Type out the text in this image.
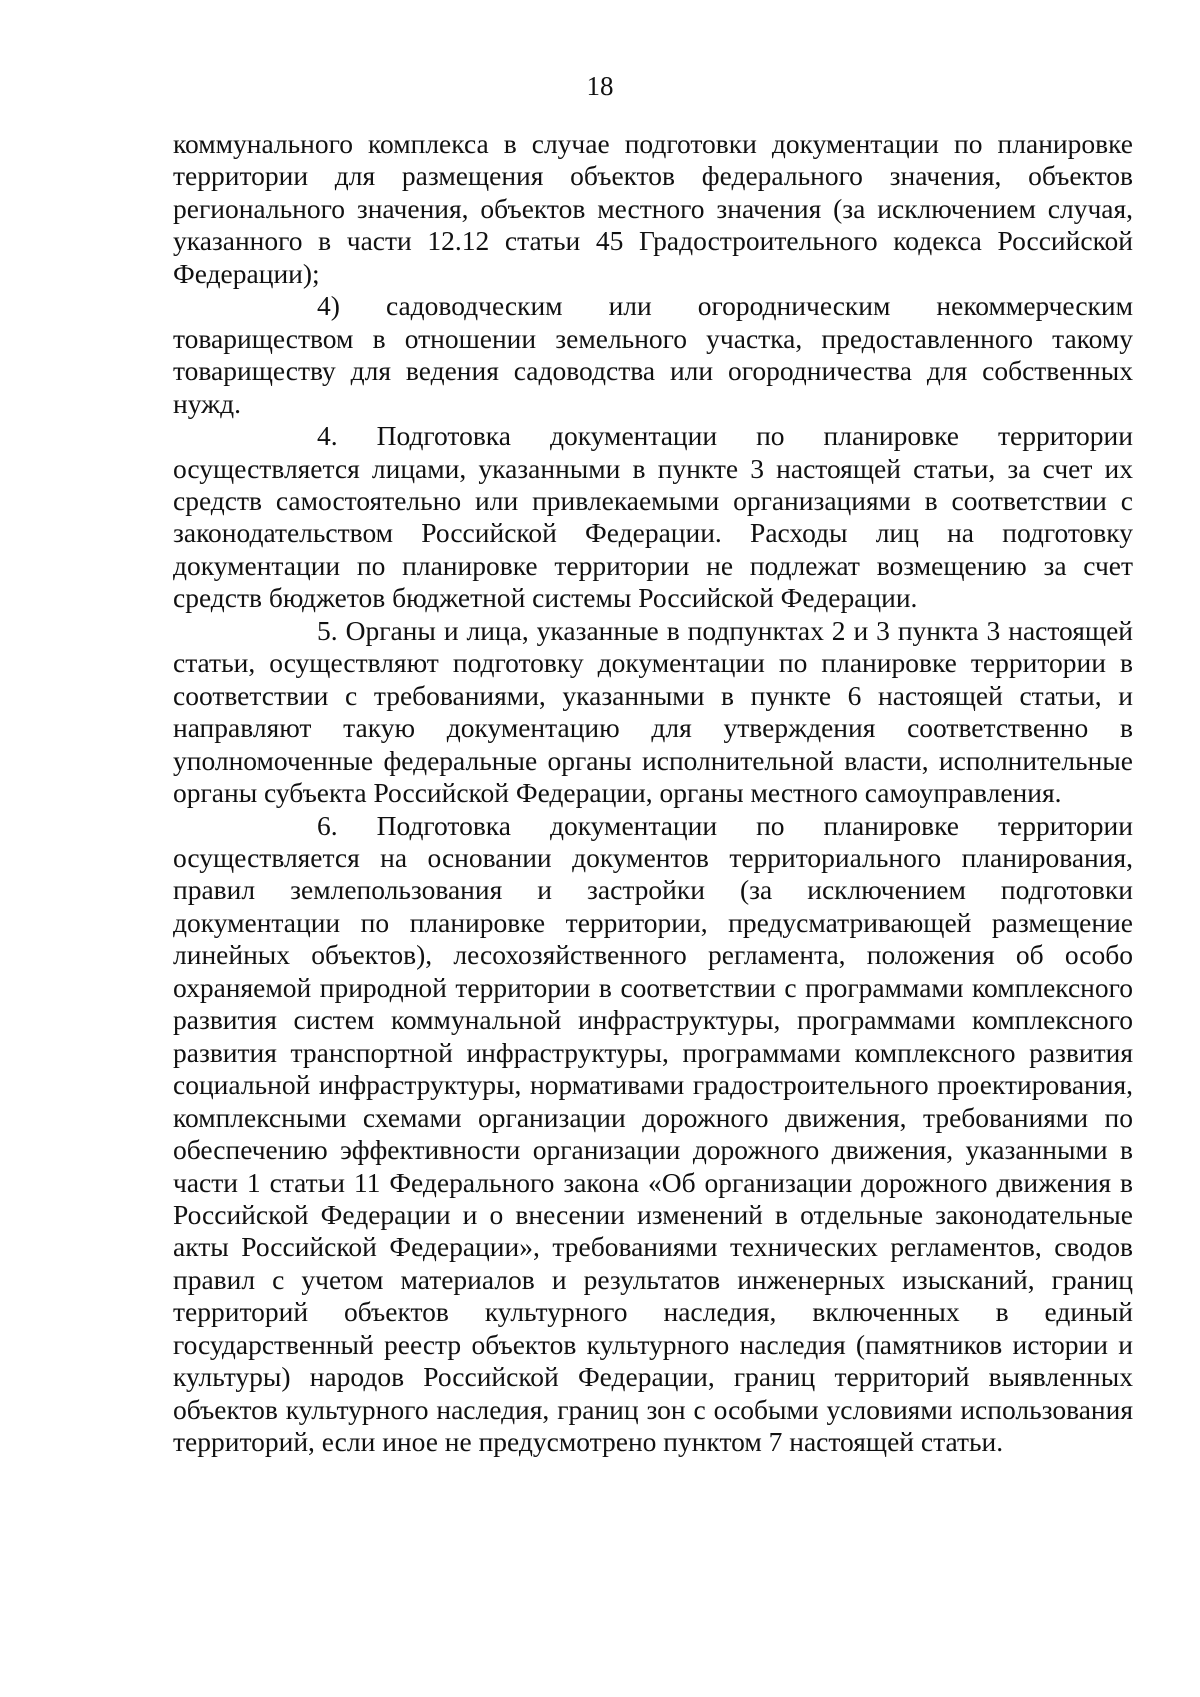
18

коммунального комплекса в случае подготовки документации по планировке территории для размещения объектов федерального значения, объектов регионального значения, объектов местного значения (за исключением случая, указанного в части 12.12 статьи 45 Градостроительного кодекса Российской Федерации);

4) садоводческим или огородническим некоммерческим товариществом в отношении земельного участка, предоставленного такому товариществу для ведения садоводства или огородничества для собственных нужд.

4. Подготовка документации по планировке территории осуществляется лицами, указанными в пункте 3 настоящей статьи, за счет их средств самостоятельно или привлекаемыми организациями в соответствии с законодательством Российской Федерации. Расходы лиц на подготовку документации по планировке территории не подлежат возмещению за счет средств бюджетов бюджетной системы Российской Федерации.

5. Органы и лица, указанные в подпунктах 2 и 3 пункта 3 настоящей статьи, осуществляют подготовку документации по планировке территории в соответствии с требованиями, указанными в пункте 6 настоящей статьи, и направляют такую документацию для утверждения соответственно в уполномоченные федеральные органы исполнительной власти, исполнительные органы субъекта Российской Федерации, органы местного самоуправления.

6. Подготовка документации по планировке территории осуществляется на основании документов территориального планирования, правил землепользования и застройки (за исключением подготовки документации по планировке территории, предусматривающей размещение линейных объектов), лесохозяйственного регламента, положения об особо охраняемой природной территории в соответствии с программами комплексного развития систем коммунальной инфраструктуры, программами комплексного развития транспортной инфраструктуры, программами комплексного развития социальной инфраструктуры, нормативами градостроительного проектирования, комплексными схемами организации дорожного движения, требованиями по обеспечению эффективности организации дорожного движения, указанными в части 1 статьи 11 Федерального закона «Об организации дорожного движения в Российской Федерации и о внесении изменений в отдельные законодательные акты Российской Федерации», требованиями технических регламентов, сводов правил с учетом материалов и результатов инженерных изысканий, границ территорий объектов культурного наследия, включенных в единый государственный реестр объектов культурного наследия (памятников истории и культуры) народов Российской Федерации, границ территорий выявленных объектов культурного наследия, границ зон с особыми условиями использования территорий, если иное не предусмотрено пунктом 7 настоящей статьи.
